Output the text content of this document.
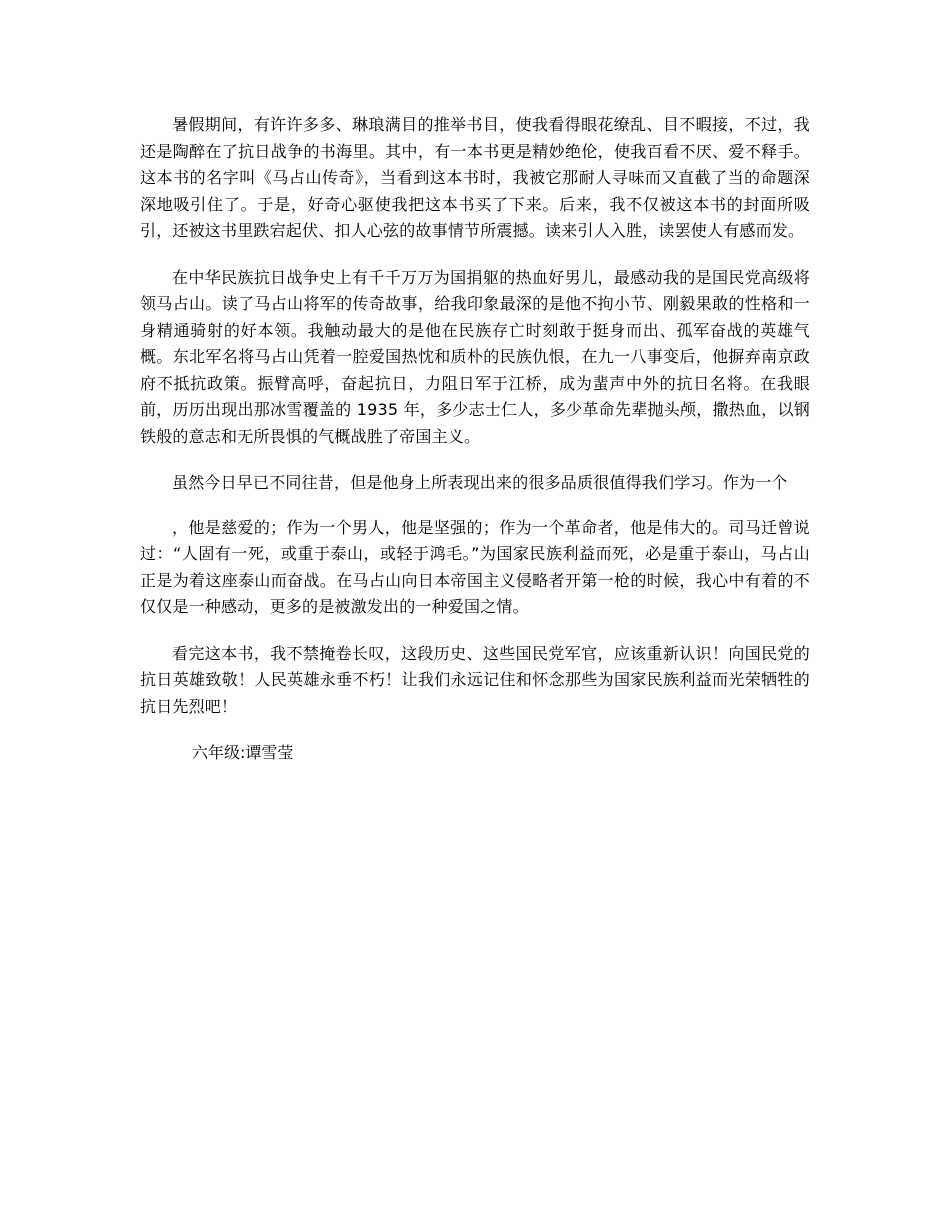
暑假期间，有许许多多、琳琅满目的推举书目，使我看得眼花缭乱、目不暇接，不过，我还是陶醉在了抗日战争的书海里。其中，有一本书更是精妙绝伦，使我百看不厌、爱不释手。这本书的名字叫《马占山传奇》，当看到这本书时，我被它那耐人寻味而又直截了当的命题深深地吸引住了。于是，好奇心驱使我把这本书买了下来。后来，我不仅被这本书的封面所吸引，还被这书里跌宕起伏、扣人心弦的故事情节所震撼。读来引人入胜，读罢使人有感而发。

在中华民族抗日战争史上有千千万万为国捐躯的热血好男儿，最感动我的是国民党高级将领马占山。读了马占山将军的传奇故事，给我印象最深的是他不拘小节、刚毅果敢的性格和一身精通骑射的好本领。我触动最大的是他在民族存亡时刻敢于挺身而出、孤军奋战的英雄气概。东北军名将马占山凭着一腔爱国热忱和质朴的民族仇恨，在九一八事变后，他摒弃南京政府不抵抗政策。振臂高呼，奋起抗日，力阻日军于江桥，成为蜚声中外的抗日名将。在我眼前，历历出现出那冰雪覆盖的 1935 年，多少志士仁人，多少革命先辈抛头颅，撒热血，以钢铁般的意志和无所畏惧的气概战胜了帝国主义。

虽然今日早已不同往昔，但是他身上所表现出来的很多品质很值得我们学习。作为一个

，他是慈爱的；作为一个男人，他是坚强的；作为一个革命者，他是伟大的。司马迁曾说过：“人固有一死，或重于泰山，或轻于鸿毛。”为国家民族利益而死，必是重于泰山，马占山正是为着这座泰山而奋战。在马占山向日本帝国主义侵略者开第一枪的时候，我心中有着的不仅仅是一种感动，更多的是被激发出的一种爱国之情。

看完这本书，我不禁掩卷长叹，这段历史、这些国民党军官，应该重新认识！向国民党的抗日英雄致敬！人民英雄永垂不朽！让我们永远记住和怀念那些为国家民族利益而光荣牺牲的抗日先烈吧！

六年级:谭雪莹
